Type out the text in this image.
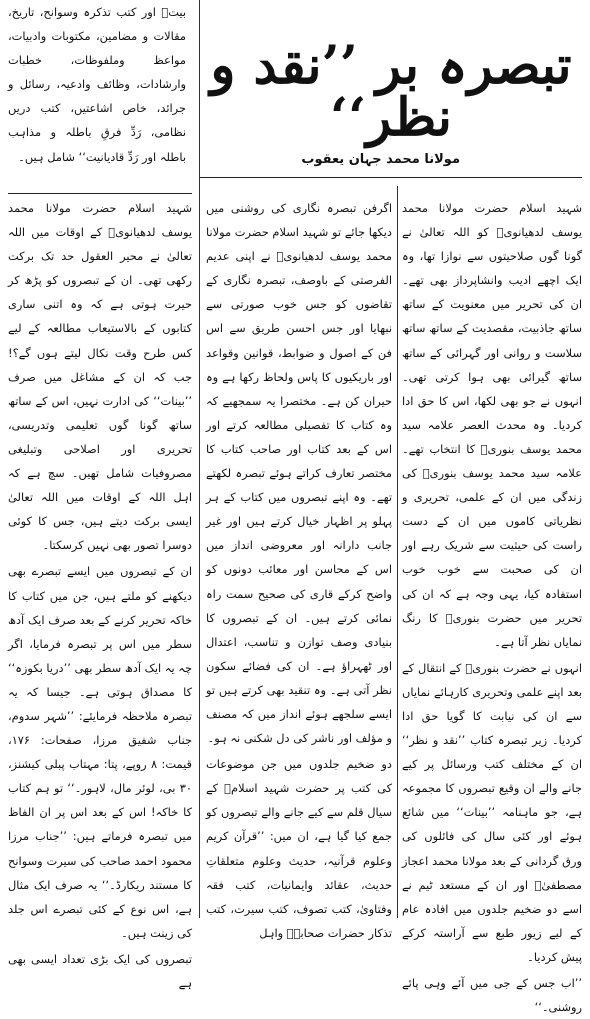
بیتؐ اور کتب تذکرہ وسوانح، تاریخ، مقالات و مضامین، مکتوبات وادبیات، مواعظ وملفوظات، خطبات وارشادات، وظائف وادعیہ، رسائل و جرائد، خاص اشاعتیں، کتب دریں نظامی، رَدِّ فرقِ باطلہ و مذاہب باطلہ اور رَدِّ قادیانیت‘‘ شامل ہیں۔

تبصرہ بر ’’نقد و نظر‘‘
مولانا محمد جہان یعقوب

شہید اسلام حضرت مولانا محمد یوسف لدھیانویؒ کو اللہ تعالیٰ نے گونا گوں صلاحیتوں سے نوازا تھا، وہ ایک اچھے ادیب وانشاپرداز بھی تھے۔ ان کی تحریر میں معنویت کے ساتھ ساتھ جاذبیت، مقصدیت کے ساتھ ساتھ سلاست و روانی اور گہرائی کے ساتھ ساتھ گیرائی بھی ہوا کرتی تھی۔ انہوں نے جو بھی لکھا، اس کا حق ادا کردیا۔ وہ محدث العصر علامہ سید محمد یوسف بنوریؒ کا انتخاب تھے۔ علامہ سید محمد یوسف بنوریؒ کی زندگی میں ان کے علمی، تحریری و نظریاتی کاموں میں ان کے دست راست کی حیثیت سے شریک رہے اور ان کی صحبت سے خوب خوب استفادہ کیا، یہی وجہ ہے کہ ان کی تحریر میں حضرت بنوریؒ کا رنگ نمایاں نظر آتا ہے۔

انہوں نے حضرت بنوریؒ کے انتقال کے بعد اپنے علمی وتحریری کارہائے نمایاں سے ان کی نیابت کا گویا حق ادا کردیا۔ زیر تبصرہ کتاب ’’نقد و نظر‘‘ ان کے مختلف کتب ورسائل پر کیے جانے والے ان وقیع تبصروں کا مجموعہ ہے، جو ماہنامہ ’’بینات‘‘ میں شائع ہوئے اور کئی سال کی فائلوں کی ورق گردانی کے بعد مولانا محمد اعجاز مصطفیٰؒ اور ان کے مستعد ٹیم نے اسے دو ضخیم جلدوں میں افادہ عام کے لیے زیور طبع سے آراستہ کرکے پیش کردیا۔

’’اب جس کے جی میں آئے وہی پائے روشنی۔‘‘

اگرفن تبصرہ نگاری کی روشنی میں دیکھا جائے تو شہید اسلام حضرت مولانا محمد یوسف لدھیانویؒ نے اپنی عدیم الفرصتی کے باوصف، تبصرہ نگاری کے تقاضوں کو جس خوب صورتی سے نبھایا اور جس احسن طریق سے اس فن کے اصول و ضوابط، قوانین وقواعد اور باریکیوں کا پاس ولحاظ رکھا ہے وہ حیران کن ہے۔ مختصرا یہ سمجھیے کہ وہ کتاب کا تفصیلی مطالعہ کرتے اور اس کے بعد کتاب اور صاحب کتاب کا مختصر تعارف کراتے ہوئے تبصرہ لکھتے تھے۔ وہ اپنے تبصروں میں کتاب کے ہر پہلو پر اظہار خیال کرتے ہیں اور غیر جانب دارانہ اور معروضی انداز میں اس کے محاسن اور معائب دونوں کو واضح کرکے قاری کی صحیح سمت راہ نمائی کرتے ہیں۔ ان کے تبصروں کا بنیادی وصف توازن و تناسب، اعتدال اور ٹھہراؤ ہے۔ ان کی فضائے سکون نظر آتی ہے۔ وہ تنقید بھی کرتے ہیں تو ایسے سلجھے ہوئے انداز میں کہ مصنف و مؤلف اور ناشر کی دل شکنی نہ ہو۔

دو ضخیم جلدوں میں جن موضوعات کی کتب پر حضرت شہید اسلامؒ کے سیال قلم سے کیے جانے والے تبصروں کو جمع کیا گیا ہے، ان میں: ’’قرآن کریم وعلوم قرآنیہ، حدیث وعلوم متعلقاتِ حدیث، عقائد وایمانیات، کتب فقہ وفتاویٰ، کتب تصوف، کتب سیرت، کتب تذکار حضرات صحابہؓ واہل

شہید اسلام حضرت مولانا محمد یوسف لدھیانویؒ کے اوقات میں اللہ تعالیٰ نے محیر العقول حد تک برکت رکھی تھی۔ ان کے تبصروں کو پڑھ کر حیرت ہوتی ہے کہ وہ اتنی ساری کتابوں کے بالاستیعاب مطالعہ کے لیے کس طرح وقت نکال لیتے ہوں گے؟! جب کہ ان کے مشاغل میں صرف ’’بینات‘‘ کی ادارت نہیں، اس کے ساتھ ساتھ گونا گوں تعلیمی وتدریسی، تحریری اور اصلاحی وتبلیغی مصروفیات شامل تھیں۔ سچ ہے کہ اہل اللہ کے اوقات میں اللہ تعالیٰ ایسی برکت دیتے ہیں، جس کا کوئی دوسرا تصور بھی نہیں کرسکتا۔

ان کے تبصروں میں ایسے تبصرے بھی دیکھنے کو ملتے ہیں، جن میں کتاب کا خاکہ تحریر کرنے کے بعد صرف ایک آدھ سطر میں اس پر تبصرہ فرمایا، اگر چہ یہ ایک آدھ سطر بھی ’’دریا بکوزہ‘‘ کا مصداق ہوتی ہے۔ جیسا کہ یہ تبصرہ ملاحظہ فرمایئے: ’’شہر سدوم، جناب شفیق مرزا، صفحات: ۱۷۶، قیمت: ۸ روپے، پتا: مہتاب پبلی کیشنز، ۳۰ بی، لوئر مال، لاہور۔‘‘ تو ہم کتاب کا خاکہ! اس کے بعد اس پر ان الفاظ میں تبصرہ فرماتے ہیں: ’’جناب مرزا محمود احمد صاحب کی سیرت وسوانح کا مستند ریکارڈ۔‘‘ یہ صرف ایک مثال ہے، اس نوع کے کئی تبصرے اس جلد کی زینت ہیں۔

تبصروں کی ایک بڑی تعداد ایسی بھی ہے
